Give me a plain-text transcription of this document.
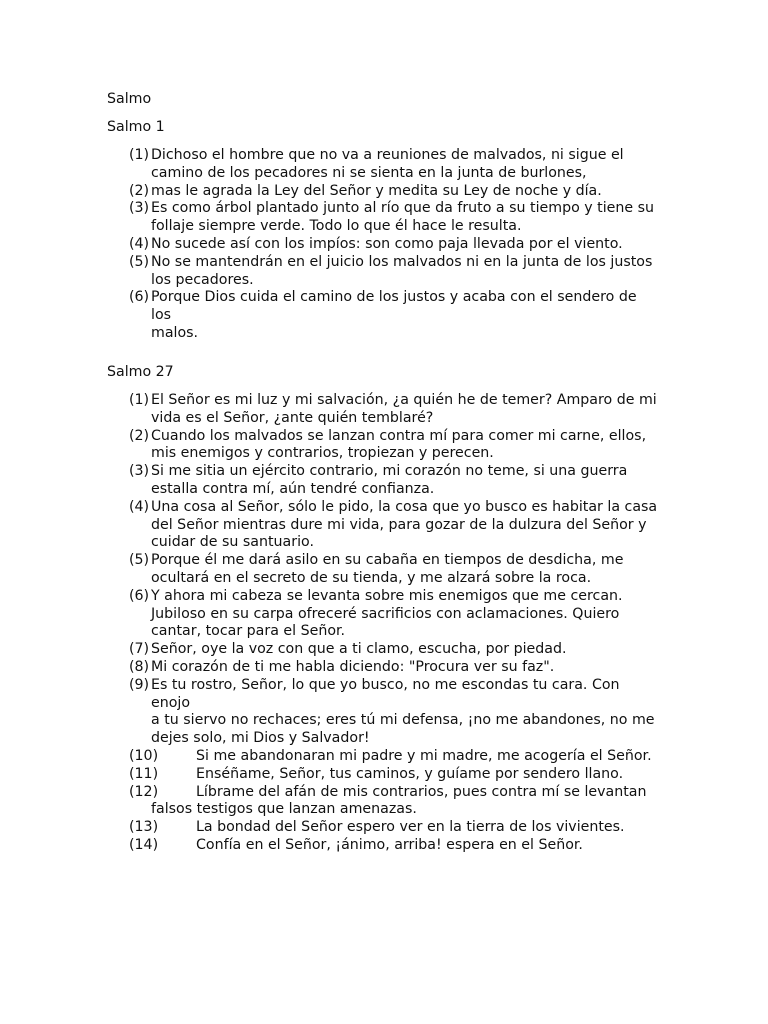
Salmo
Salmo 1
(1) Dichoso el hombre que no va a reuniones de malvados, ni sigue el
camino de los pecadores ni se sienta en la junta de burlones,
(2) mas le agrada la Ley del Señor y medita su Ley de noche y día.
(3) Es como árbol plantado junto al río que da fruto a su tiempo y tiene su
follaje siempre verde. Todo lo que él hace le resulta.
(4) No sucede así con los impíos: son como paja llevada por el viento.
(5) No se mantendrán en el juicio los malvados ni en la junta de los justos
los pecadores.
(6) Porque Dios cuida el camino de los justos y acaba con el sendero de los
malos.
Salmo 27
(1) El Señor es mi luz y mi salvación, ¿a quién he de temer? Amparo de mi
vida es el Señor, ¿ante quién temblaré?
(2) Cuando los malvados se lanzan contra mí para comer mi carne, ellos,
mis enemigos y contrarios, tropiezan y perecen.
(3) Si me sitia un ejército contrario, mi corazón no teme, si una guerra
estalla contra mí, aún tendré confianza.
(4) Una cosa al Señor, sólo le pido, la cosa que yo busco es habitar la casa
del Señor mientras dure mi vida, para gozar de la dulzura del Señor y
cuidar de su santuario.
(5) Porque él me dará asilo en su cabaña en tiempos de desdicha, me
ocultará en el secreto de su tienda, y me alzará sobre la roca.
(6) Y ahora mi cabeza se levanta sobre mis enemigos que me cercan.
Jubiloso en su carpa ofreceré sacrificios con aclamaciones. Quiero
cantar, tocar para el Señor.
(7) Señor, oye la voz con que a ti clamo, escucha, por piedad.
(8) Mi corazón de ti me habla diciendo: "Procura ver su faz".
(9) Es tu rostro, Señor, lo que yo busco, no me escondas tu cara. Con enojo
a tu siervo no rechaces; eres tú mi defensa, ¡no me abandones, no me
dejes solo, mi Dios y Salvador!
(10)	Si me abandonaran mi padre y mi madre, me acogería el Señor.
(11)	Enséñame, Señor, tus caminos, y guíame por sendero llano.
(12)	Líbrame del afán de mis contrarios, pues contra mí se levantan
falsos testigos que lanzan amenazas.
(13)	La bondad del Señor espero ver en la tierra de los vivientes.
(14)	Confía en el Señor, ¡ánimo, arriba! espera en el Señor.
